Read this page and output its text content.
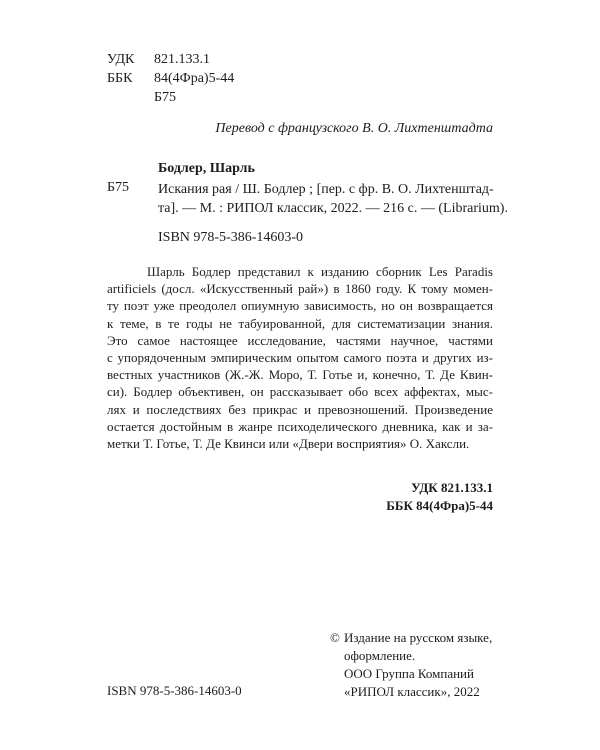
УДК 821.133.1
ББК 84(4Фра)5-44
Б75
Перевод с французского В. О. Лихтенштадта
Бодлер, Шарль
Б75 Искания рая / Ш. Бодлер ; [пер. с фр. В. О. Лихтенштад-
та]. — М. : РИПОЛ классик, 2022. — 216 с. — (Librarium).
ISBN 978-5-386-14603-0
Шарль Бодлер представил к изданию сборник Les Paradis
artificiels (досл. «Искусственный рай») в 1860 году. К тому момен-
ту поэт уже преодолел опиумную зависимость, но он возвращается
к теме, в те годы не табуированной, для систематизации знания.
Это самое настоящее исследование, частями научное, частями
с упорядоченным эмпирическим опытом самого поэта и других из-
вестных участников (Ж.-Ж. Моро, Т. Готье и, конечно, Т. Де Квин-
си). Бодлер объективен, он рассказывает обо всех аффектах, мыс-
лях и последствиях без прикрас и превозношений. Произведение
остается достойным в жанре психоделического дневника, как и за-
метки Т. Готье, Т. Де Квинси или «Двери восприятия» О. Хаксли.
УДК 821.133.1
ББК 84(4Фра)5-44
© Издание на русском языке,
оформление.
ООО Группа Компаний
«РИПОЛ классик», 2022
ISBN 978-5-386-14603-0
